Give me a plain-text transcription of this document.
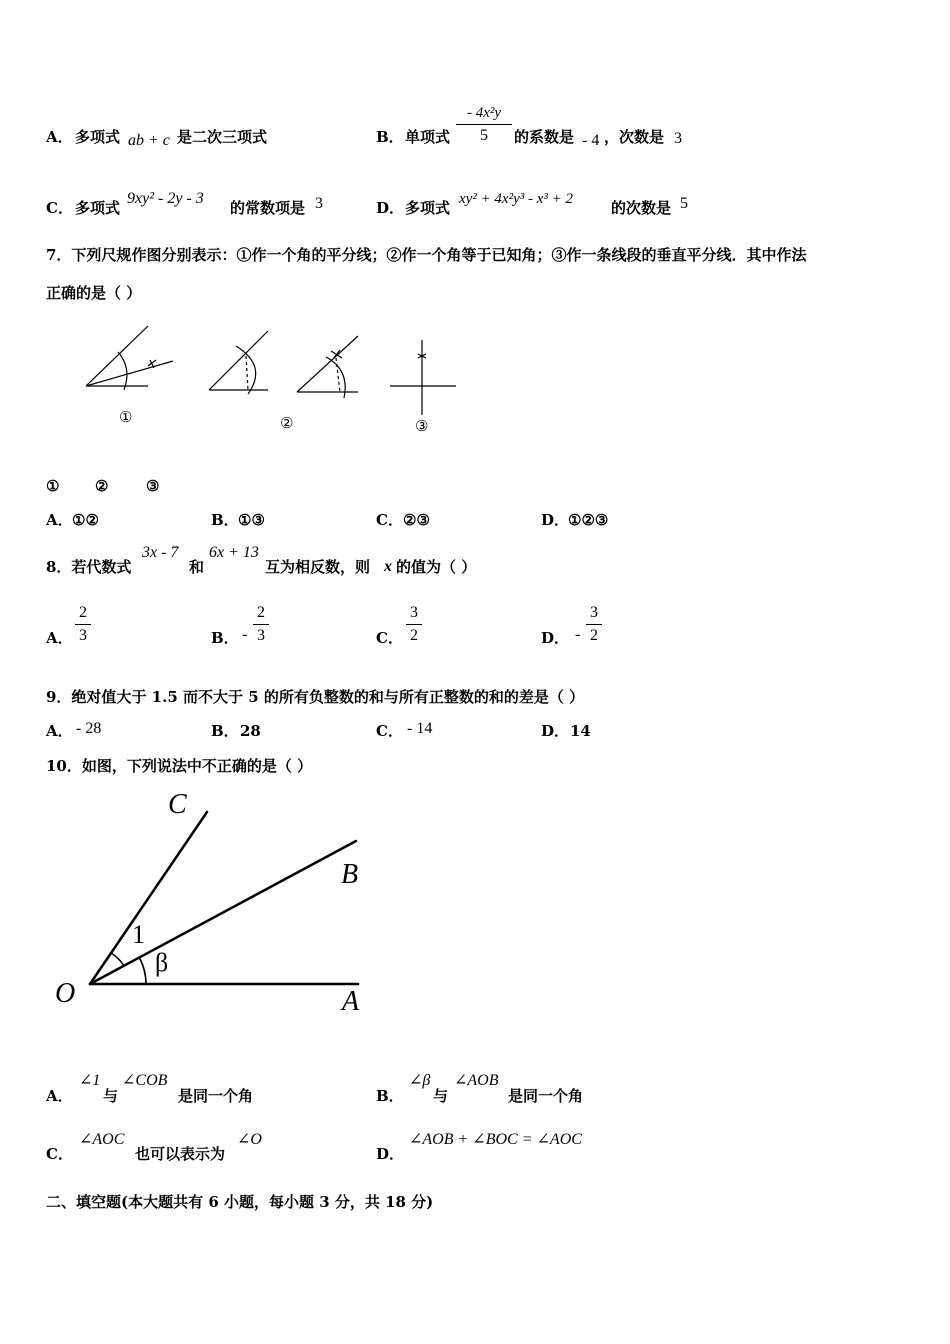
A． 多项式 ab + c 是二次三项式	B． 单项式
- 4x²y
5	的系数是 - 4 ，次数是 3
C． 多项式
9xy² - 2y - 3
的常数项是 3	D． 多项式 xy² + 4x²y³ - x³ + 2	的次数是 5
7．下列尺规作图分别表示：①作一个角的平分线；②作一个角等于已知角；③作一条线段的垂直平分线．其中作法
正确的是（ ）
①	②	③
① ②	③
A． ①②	B． ①③	C． ②③	D．
①②③
8．若代数式
3x - 7
和
6x + 13
互为相反数，则 x 的值为（ ）
A．
2
3	B． -
2
3	C．
3
2	D． -
3
2
9．绝对值大于 1.5 而不大于 5 的所有负整数的和与所有正整数的和的差是（ ）
A． - 28	B． 28	C． - 14	D． 14
10．如图，下列说法中不正确的是（ ）
C
B
O	A
1
β
A．
∠1
与
∠COB
是同一个角	B．
∠β
与
∠AOB
是同一个角
C．
∠AOC
也可以表示为
∠O
D．
∠AOB + ∠BOC = ∠AOC
二、填空题(本大题共有 6 小题，每小题 3 分，共 18 分)
